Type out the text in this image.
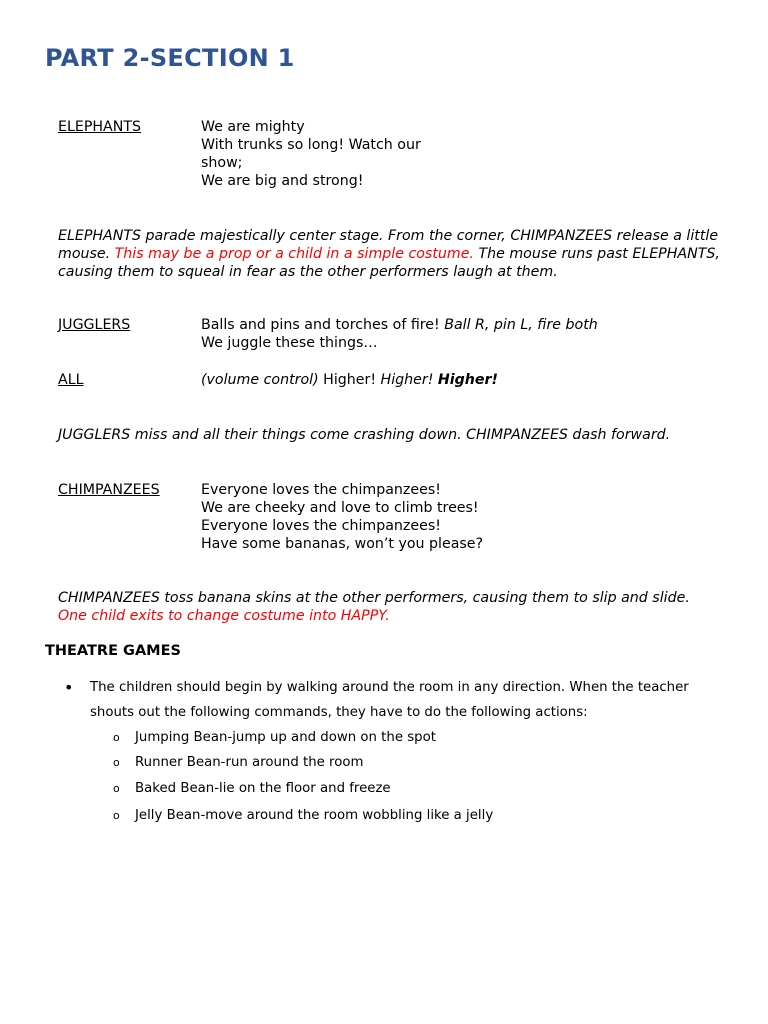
PART 2-SECTION 1
ELEPHANTS	We are mighty
With trunks so long! Watch our
show;
We are big and strong!

ELEPHANTS parade majestically center stage. From the corner, CHIMPANZEES release a little mouse. This may be a prop or a child in a simple costume. The mouse runs past ELEPHANTS, causing them to squeal in fear as the other performers laugh at them.

JUGGLERS	Balls and pins and torches of fire! Ball R, pin L, fire both
We juggle these things…
ALL	(volume control) Higher! Higher! Higher!

JUGGLERS miss and all their things come crashing down. CHIMPANZEES dash forward.

CHIMPANZEES	Everyone loves the chimpanzees!
We are cheeky and love to climb trees!
Everyone loves the chimpanzees!
Have some bananas, won’t you please?

CHIMPANZEES toss banana skins at the other performers, causing them to slip and slide. One child exits to change costume into HAPPY.

THEATRE GAMES
• The children should begin by walking around the room in any direction. When the teacher shouts out the following commands, they have to do the following actions:
o Jumping Bean-jump up and down on the spot
o Runner Bean-run around the room
o Baked Bean-lie on the floor and freeze
o Jelly Bean-move around the room wobbling like a jelly
